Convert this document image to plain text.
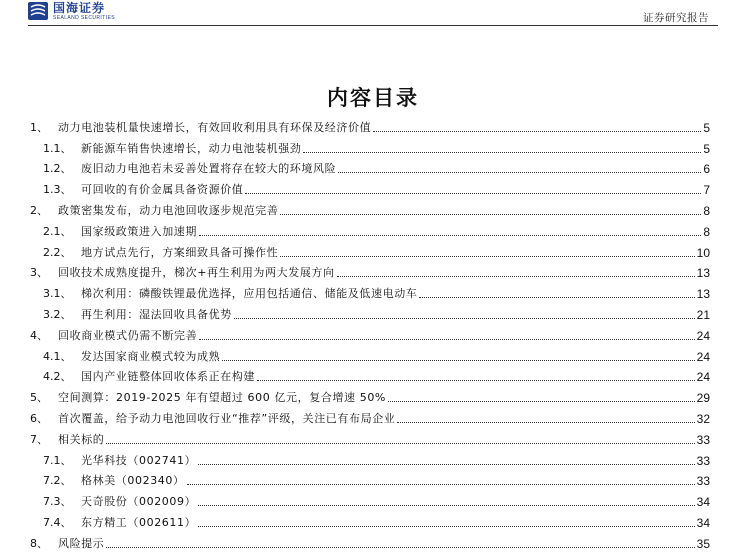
国海证券
SEALAND SECURITIES	证券研究报告
内容目录
1、 动力电池装机量快速增长，有效回收利用具有环保及经济价值	5
1.1、 新能源车销售快速增长，动力电池装机强劲	5
1.2、 废旧动力电池若未妥善处置将存在较大的环境风险	6
1.3、 可回收的有价金属具备资源价值	7
2、 政策密集发布，动力电池回收逐步规范完善	8
2.1、 国家级政策进入加速期	8
2.2、 地方试点先行，方案细致具备可操作性	10
3、 回收技术成熟度提升，梯次+再生利用为两大发展方向	13
3.1、 梯次利用：磷酸铁锂最优选择，应用包括通信、储能及低速电动车	13
3.2、 再生利用：湿法回收具备优势	21
4、 回收商业模式仍需不断完善	24
4.1、 发达国家商业模式较为成熟	24
4.2、 国内产业链整体回收体系正在构建	24
5、 空间测算：2019-2025 年有望超过 600 亿元，复合增速 50%	29
6、 首次覆盖，给予动力电池回收行业“推荐”评级，关注已有布局企业	32
7、 相关标的	33
7.1、 光华科技（002741）	33
7.2、 格林美（002340）	33
7.3、 天奇股份（002009）	34
7.4、 东方精工（002611）	34
8、 风险提示	35
